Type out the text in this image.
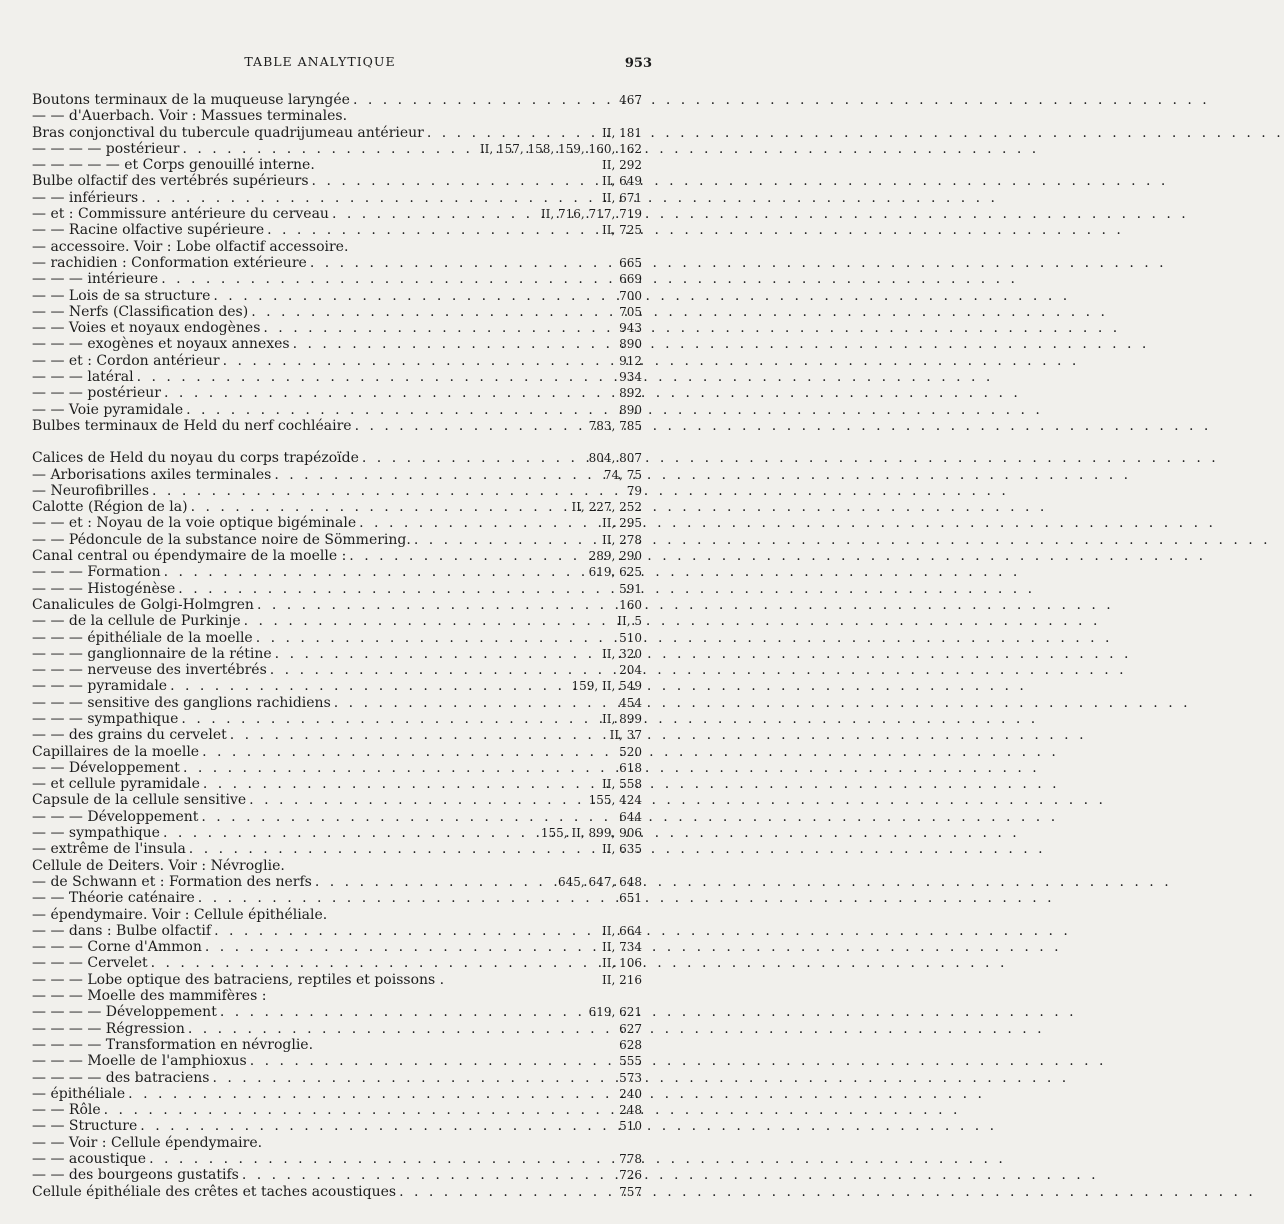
TABLE ANALYTIQUE	953
Boutons terminaux de la muqueuse laryngée . . .	467
— — d'Auerbach. Voir : Massues terminales.
Bras conjonctival du tubercule quadrijumeau antérieur . . .	II, 181
— — — — postérieur . . .	II, 157, 158, 159, 160, 162
— — — — — et Corps genouillé interne.	II, 292
Bulbe olfactif des vertébrés supérieurs . . .	II, 649
— — inférieurs . . .	II, 671
— et : Commissure antérieure du cerveau . . .	II, 716, 717, 719
— — Racine olfactive supérieure . . .	II, 725
— accessoire. Voir : Lobe olfactif accessoire.
— rachidien : Conformation extérieure . . .	665
— — — intérieure . . .	669
— — Lois de sa structure . . .	700
— — Nerfs (Classification des) . . .	705
— — Voies et noyaux endogènes . . .	943
— — — exogènes et noyaux annexes . . .	890
— — et : Cordon antérieur . . .	912
— — — latéral . . .	934
— — — postérieur . . .	892
— — Voie pyramidale . . .	890
Bulbes terminaux de Held du nerf cochléaire . . .	783, 785
Calices de Held du noyau du corps trapézoïde . . .	804, 807
— Arborisations axiles terminales . . .	74, 75
— Neurofibrilles . . .	79
Calotte (Région de la) . . .	II, 227, 252
— — et : Noyau de la voie optique bigéminale . . .	II, 295
— — Pédoncule de la substance noire de Sömmering. . . .	II, 278
Canal central ou épendymaire de la moelle : . . .	289, 290
— — — Formation . . .	619, 625
— — — Histogénèse . . .	591
Canalicules de Golgi-Holmgren . . .	160
— — de la cellule de Purkinje . . .	II, 5
— — — épithéliale de la moelle . . .	510
— — — ganglionnaire de la rétine . . .	II, 320
— — — nerveuse des invertébrés . . .	204
— — — pyramidale . . .	159, II, 549
— — — sensitive des ganglions rachidiens . . .	454
— — — sympathique . . .	II, 899
— — des grains du cervelet . . .	II, 37
Capillaires de la moelle . . .	520
— — Développement . . .	618
— et cellule pyramidale . . .	II, 558
Capsule de la cellule sensitive . . .	155, 424
— — — Développement . . .	644
— — sympathique . . .	155, II, 899, 906
— extrême de l'insula . . .	II, 635
Cellule de Deiters. Voir : Névroglie.
— de Schwann et : Formation des nerfs . . .	645, 647, 648
— — Théorie caténaire . . .	651
— épendymaire. Voir : Cellule épithéliale.
— — dans : Bulbe olfactif . . .	II, 664
— — — Corne d'Ammon . . .	II, 734
— — — Cervelet . . .	II, 106
— — — Lobe optique des batraciens, reptiles et poissons .	II, 216
— — — Moelle des mammifères :
— — — — Développement . . .	619, 621
— — — — Régression . . .	627
— — — — Transformation en névroglie.	628
— — — Moelle de l'amphioxus . . .	555
— — — — des batraciens . . .	573
— épithéliale . . .	240
— — Rôle . . .	248
— — Structure . . .	510
— — Voir : Cellule épendymaire.
— — acoustique . . .	778
— — des bourgeons gustatifs . . .	726
Cellule épithéliale des crêtes et taches acoustiques . . .	757
